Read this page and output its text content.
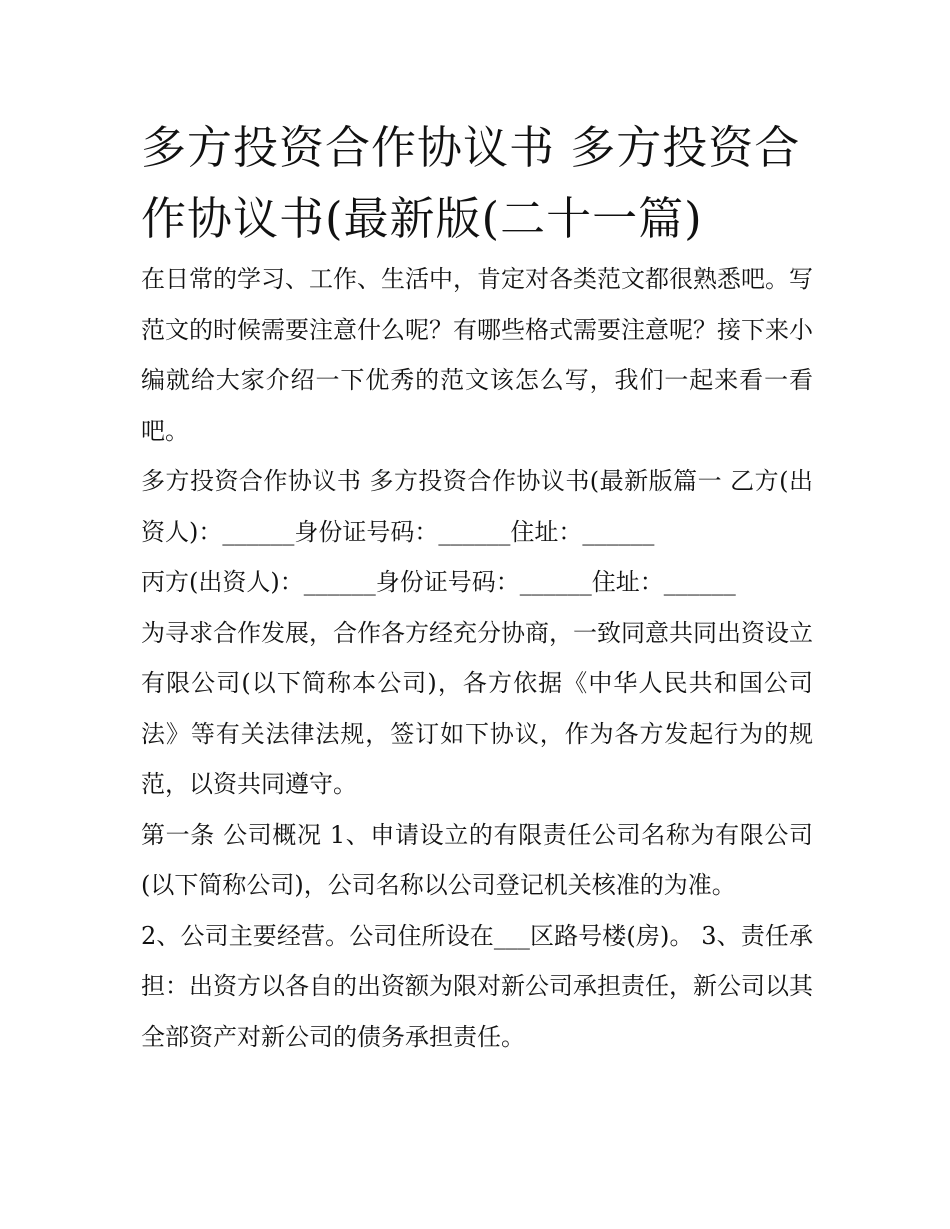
多方投资合作协议书 多方投资合作协议书(最新版(二十一篇)

在日常的学习、工作、生活中，肯定对各类范文都很熟悉吧。写范文的时候需要注意什么呢？有哪些格式需要注意呢？接下来小编就给大家介绍一下优秀的范文该怎么写，我们一起来看一看吧。

多方投资合作协议书 多方投资合作协议书(最新版篇一 乙方(出资人)：______身份证号码：______住址：______

丙方(出资人)：______身份证号码：______住址：______

为寻求合作发展，合作各方经充分协商，一致同意共同出资设立有限公司(以下简称本公司)，各方依据《中华人民共和国公司法》等有关法律法规，签订如下协议，作为各方发起行为的规范，以资共同遵守。

第一条 公司概况 1、申请设立的有限责任公司名称为有限公司(以下简称公司)，公司名称以公司登记机关核准的为准。

2、公司主要经营。公司住所设在___区路号楼(房)。 3、责任承担：出资方以各自的出资额为限对新公司承担责任，新公司以其全部资产对新公司的债务承担责任。
